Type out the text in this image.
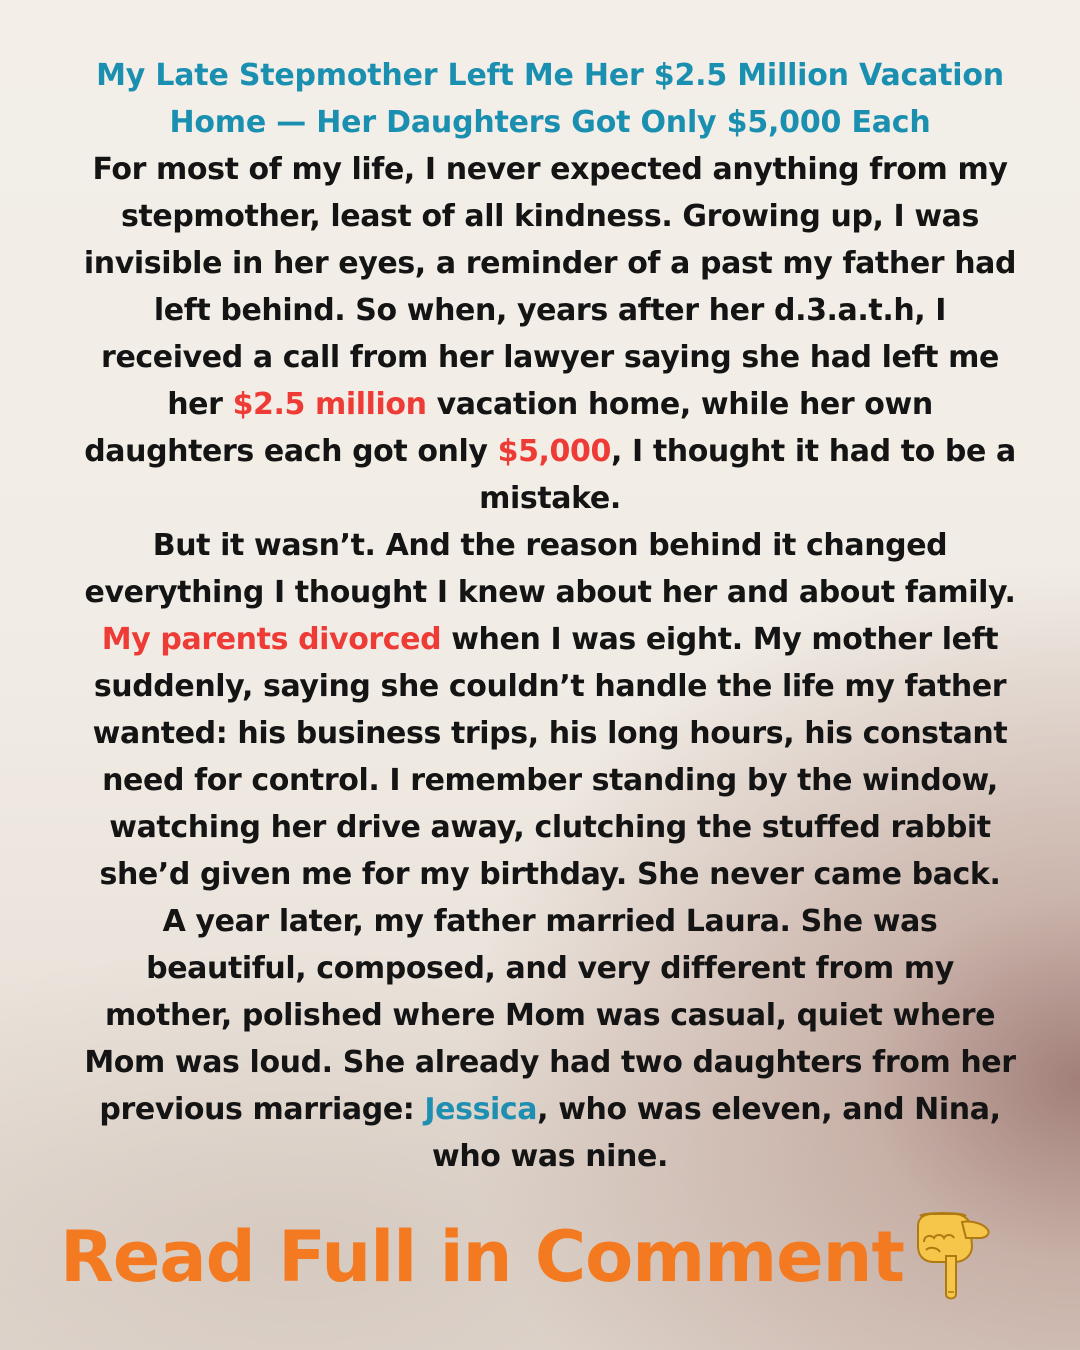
My Late Stepmother Left Me Her $2.5 Million Vacation Home — Her Daughters Got Only $5,000 Each
For most of my life, I never expected anything from my stepmother, least of all kindness. Growing up, I was invisible in her eyes, a reminder of a past my father had left behind. So when, years after her d.3.a.t.h, I received a call from her lawyer saying she had left me her $2.5 million vacation home, while her own daughters each got only $5,000, I thought it had to be a mistake.
But it wasn’t. And the reason behind it changed everything I thought I knew about her and about family.
My parents divorced when I was eight. My mother left suddenly, saying she couldn’t handle the life my father wanted: his business trips, his long hours, his constant need for control. I remember standing by the window, watching her drive away, clutching the stuffed rabbit she’d given me for my birthday. She never came back.
A year later, my father married Laura. She was beautiful, composed, and very different from my mother, polished where Mom was casual, quiet where Mom was loud. She already had two daughters from her previous marriage: Jessica, who was eleven, and Nina, who was nine.
Read Full in Comment
